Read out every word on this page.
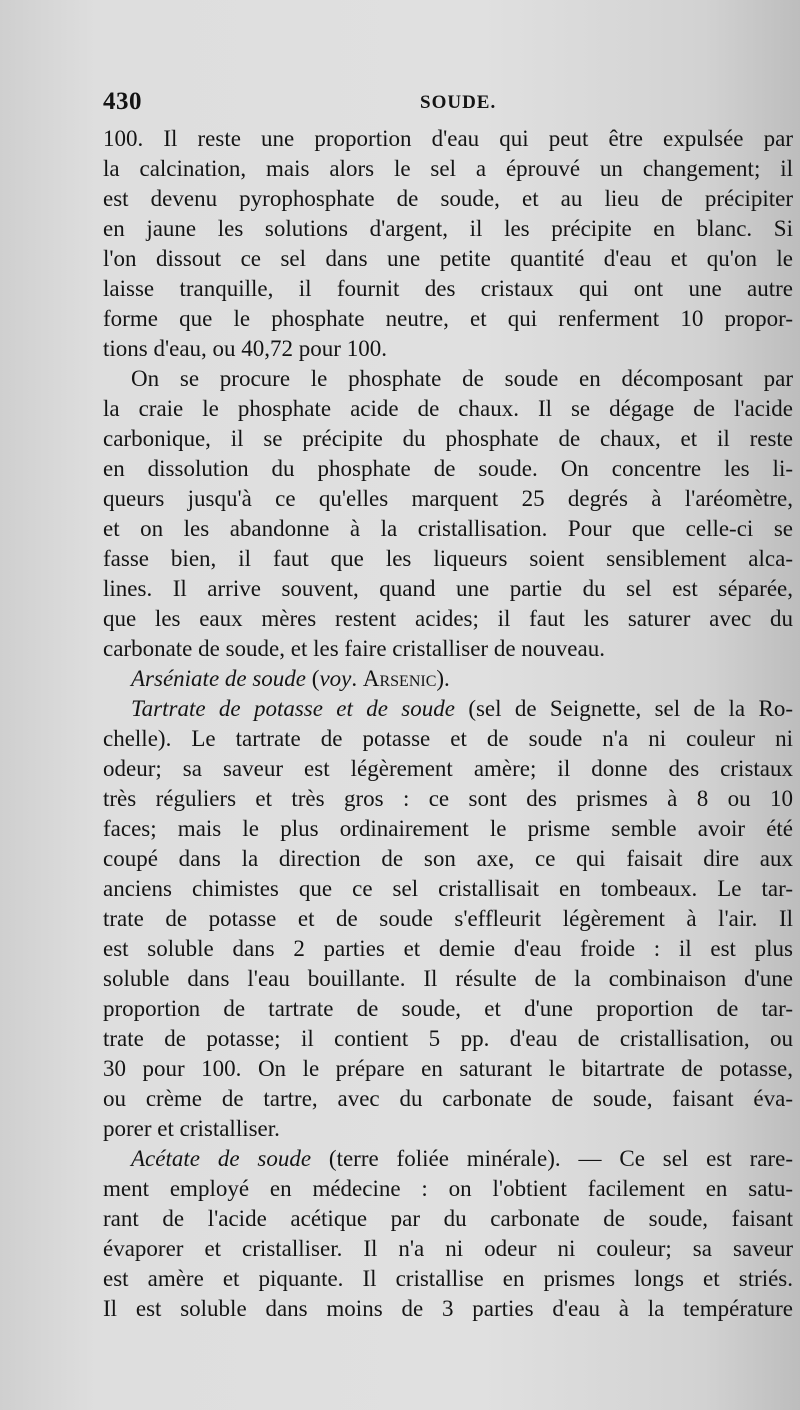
430	SOUDE.
100. Il reste une proportion d'eau qui peut être expulsée par
la calcination, mais alors le sel a éprouvé un changement; il
est devenu pyrophosphate de soude, et au lieu de précipiter
en jaune les solutions d'argent, il les précipite en blanc. Si
l'on dissout ce sel dans une petite quantité d'eau et qu'on le
laisse tranquille, il fournit des cristaux qui ont une autre
forme que le phosphate neutre, et qui renferment 10 propor-
tions d'eau, ou 40,72 pour 100.
On se procure le phosphate de soude en décomposant par
la craie le phosphate acide de chaux. Il se dégage de l'acide
carbonique, il se précipite du phosphate de chaux, et il reste
en dissolution du phosphate de soude. On concentre les li-
queurs jusqu'à ce qu'elles marquent 25 degrés à l'aréomètre,
et on les abandonne à la cristallisation. Pour que celle-ci se
fasse bien, il faut que les liqueurs soient sensiblement alca-
lines. Il arrive souvent, quand une partie du sel est séparée,
que les eaux mères restent acides; il faut les saturer avec du
carbonate de soude, et les faire cristalliser de nouveau.
Arséniate de soude (voy. Arsenic).
Tartrate de potasse et de soude (sel de Seignette, sel de la Ro-
chelle). Le tartrate de potasse et de soude n'a ni couleur ni
odeur; sa saveur est légèrement amère; il donne des cristaux
très réguliers et très gros : ce sont des prismes à 8 ou 10
faces; mais le plus ordinairement le prisme semble avoir été
coupé dans la direction de son axe, ce qui faisait dire aux
anciens chimistes que ce sel cristallisait en tombeaux. Le tar-
trate de potasse et de soude s'effleurit légèrement à l'air. Il
est soluble dans 2 parties et demie d'eau froide : il est plus
soluble dans l'eau bouillante. Il résulte de la combinaison d'une
proportion de tartrate de soude, et d'une proportion de tar-
trate de potasse; il contient 5 pp. d'eau de cristallisation, ou
30 pour 100. On le prépare en saturant le bitartrate de potasse,
ou crème de tartre, avec du carbonate de soude, faisant éva-
porer et cristalliser.
Acétate de soude (terre foliée minérale). — Ce sel est rare-
ment employé en médecine : on l'obtient facilement en satu-
rant de l'acide acétique par du carbonate de soude, faisant
évaporer et cristalliser. Il n'a ni odeur ni couleur; sa saveur
est amère et piquante. Il cristallise en prismes longs et striés.
Il est soluble dans moins de 3 parties d'eau à la température
